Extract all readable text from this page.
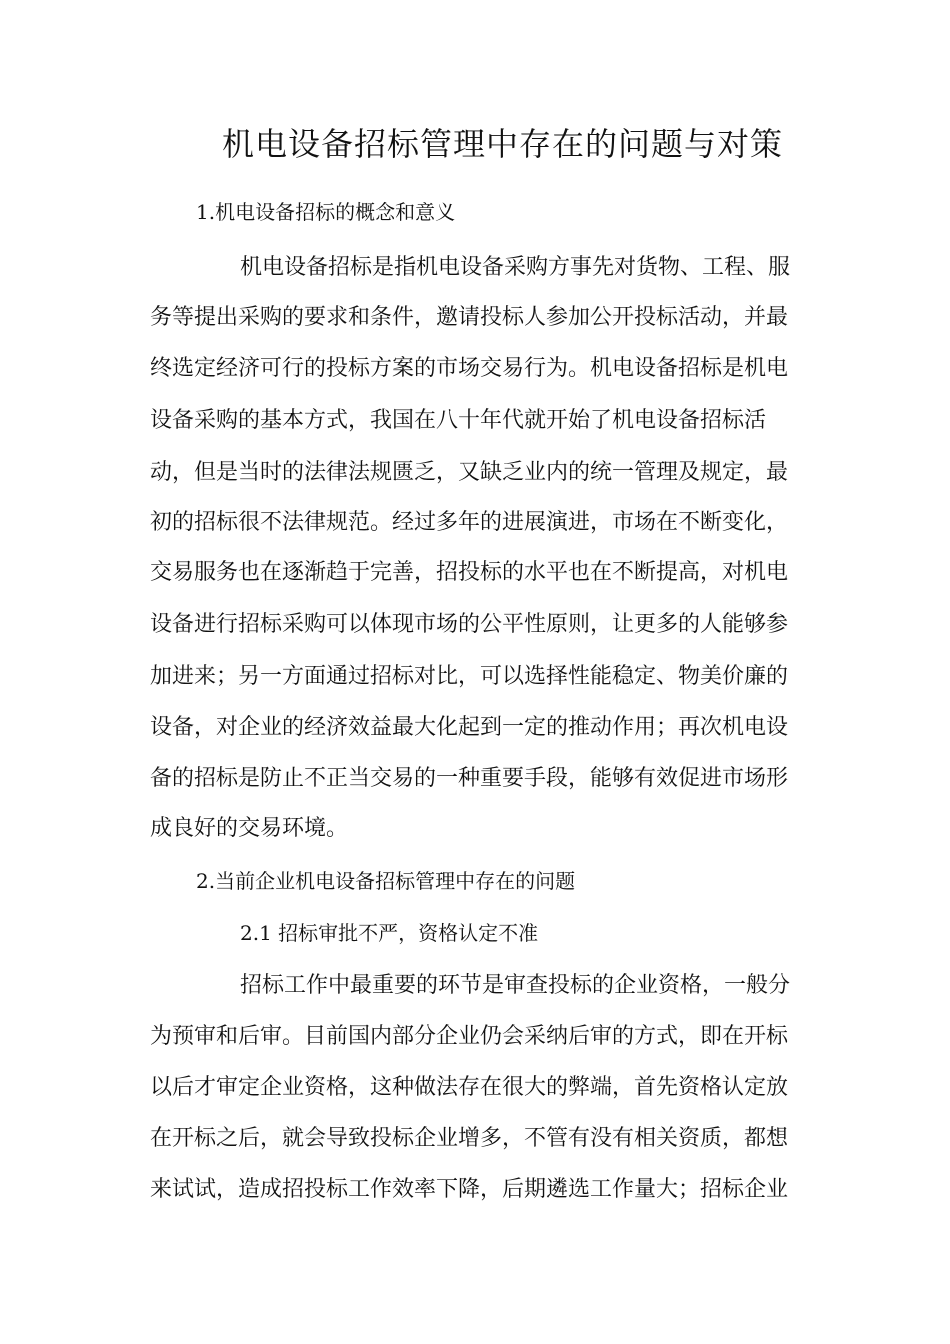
机电设备招标管理中存在的问题与对策
1.机电设备招标的概念和意义
机电设备招标是指机电设备采购方事先对货物、工程、服
务等提出采购的要求和条件，邀请投标人参加公开投标活动，并最
终选定经济可行的投标方案的市场交易行为。机电设备招标是机电
设备采购的基本方式，我国在八十年代就开始了机电设备招标活
动，但是当时的法律法规匮乏，又缺乏业内的统一管理及规定，最
初的招标很不法律规范。经过多年的进展演进，市场在不断变化，
交易服务也在逐渐趋于完善，招投标的水平也在不断提高，对机电
设备进行招标采购可以体现市场的公平性原则，让更多的人能够参
加进来；另一方面通过招标对比，可以选择性能稳定、物美价廉的
设备，对企业的经济效益最大化起到一定的推动作用；再次机电设
备的招标是防止不正当交易的一种重要手段，能够有效促进市场形
成良好的交易环境。
2.当前企业机电设备招标管理中存在的问题
2.1 招标审批不严，资格认定不准
招标工作中最重要的环节是审查投标的企业资格，一般分
为预审和后审。目前国内部分企业仍会采纳后审的方式，即在开标
以后才审定企业资格，这种做法存在很大的弊端，首先资格认定放
在开标之后，就会导致投标企业增多，不管有没有相关资质，都想
来试试，造成招投标工作效率下降，后期遴选工作量大；招标企业
